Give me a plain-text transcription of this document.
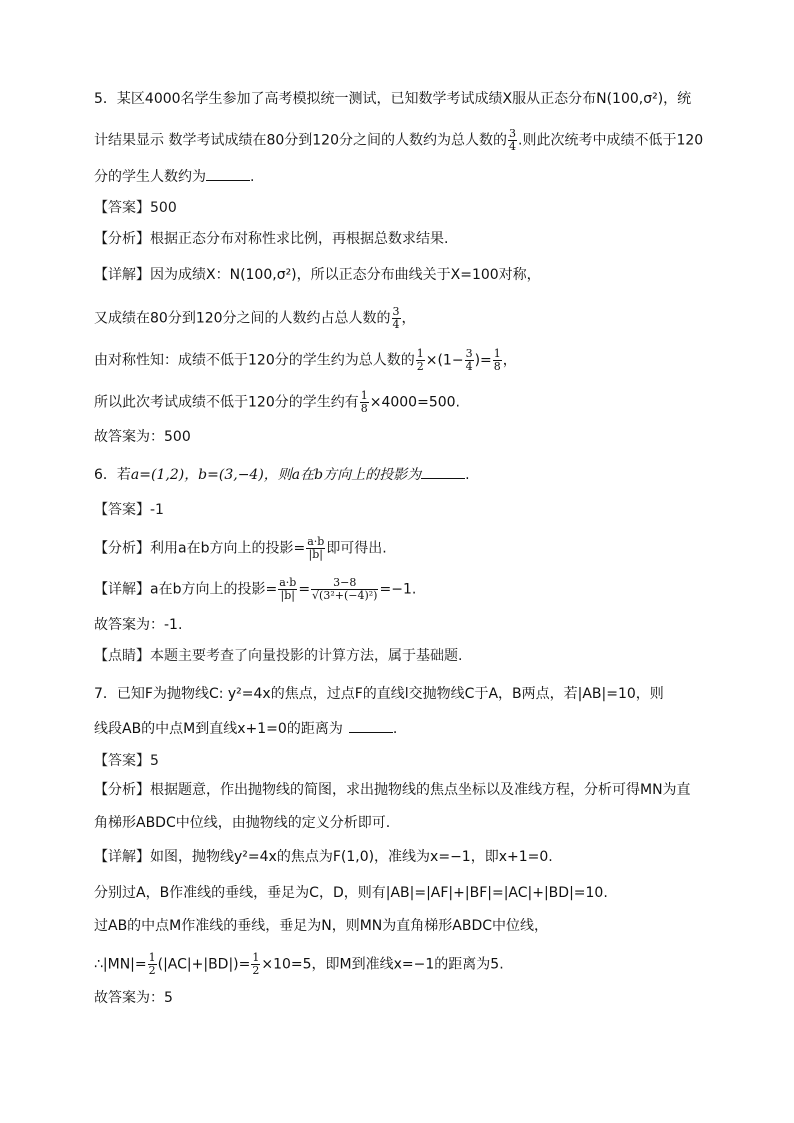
5．某区4000名学生参加了高考模拟统一测试，已知数学考试成绩X服从正态分布N(100,σ²)，统
计结果显示 数学考试成绩在80分到120分之间的人数约为总人数的 $\frac{3}{4}$ .则此次统考中成绩不低于120
分的学生人数约为	.
【答案】500
【分析】根据正态分布对称性求比例，再根据总数求结果.
【详解】因为成绩X：N(100,σ²)，所以正态分布曲线关于X=100对称，
又成绩在80分到120分之间的人数约占总人数的 $\frac{3}{4}$ ，
由对称性知：成绩不低于120分的学生约为总人数的 $\frac{1}{2} \times(1- \frac{3}{4}$ )= $\frac{1}{8}$ ，
所以此次考试成绩不低于120分的学生约有 $\frac{1}{8} \times 4000=500$.
故答案为：500
6．若a=(1,2)，b=(3,−4)，则a在b方向上的投影为	.
【答案】-1
【分析】利用a在b方向上的投影= $\frac{a\cdot b}{|b|}$ 即可得出.
【详解】a在b方向上的投影= $\frac{a\cdot b}{|b|} = \frac{3-8}{\text{√(3²+(−4)²)}} =-1$.
故答案为：-1.
【点睛】本题主要考查了向量投影的计算方法，属于基础题.
7．已知F为抛物线C: y²=4x的焦点，过点F的直线l交抛物线C于A，B两点，若|AB|=10，则
线段AB的中点M到直线x+1=0的距离为	.
【答案】5
【分析】根据题意，作出抛物线的简图，求出抛物线的焦点坐标以及准线方程，分析可得MN为直
角梯形ABDC中位线，由抛物线的定义分析即可.
【详解】如图，抛物线y²=4x的焦点为F(1,0)，准线为x=−1，即x+1=0.
分别过A，B作准线的垂线，垂足为C，D，则有|AB|=|AF|+|BF|=|AC|+|BD|=10.
过AB的中点M作准线的垂线，垂足为N，则MN为直角梯形ABDC中位线，
∴|MN|= $\frac{1}{2} (|AC|+|BD|)= \frac{1}{2} \times 10=5$，即M到准线x=−1的距离为5.
故答案为：5
